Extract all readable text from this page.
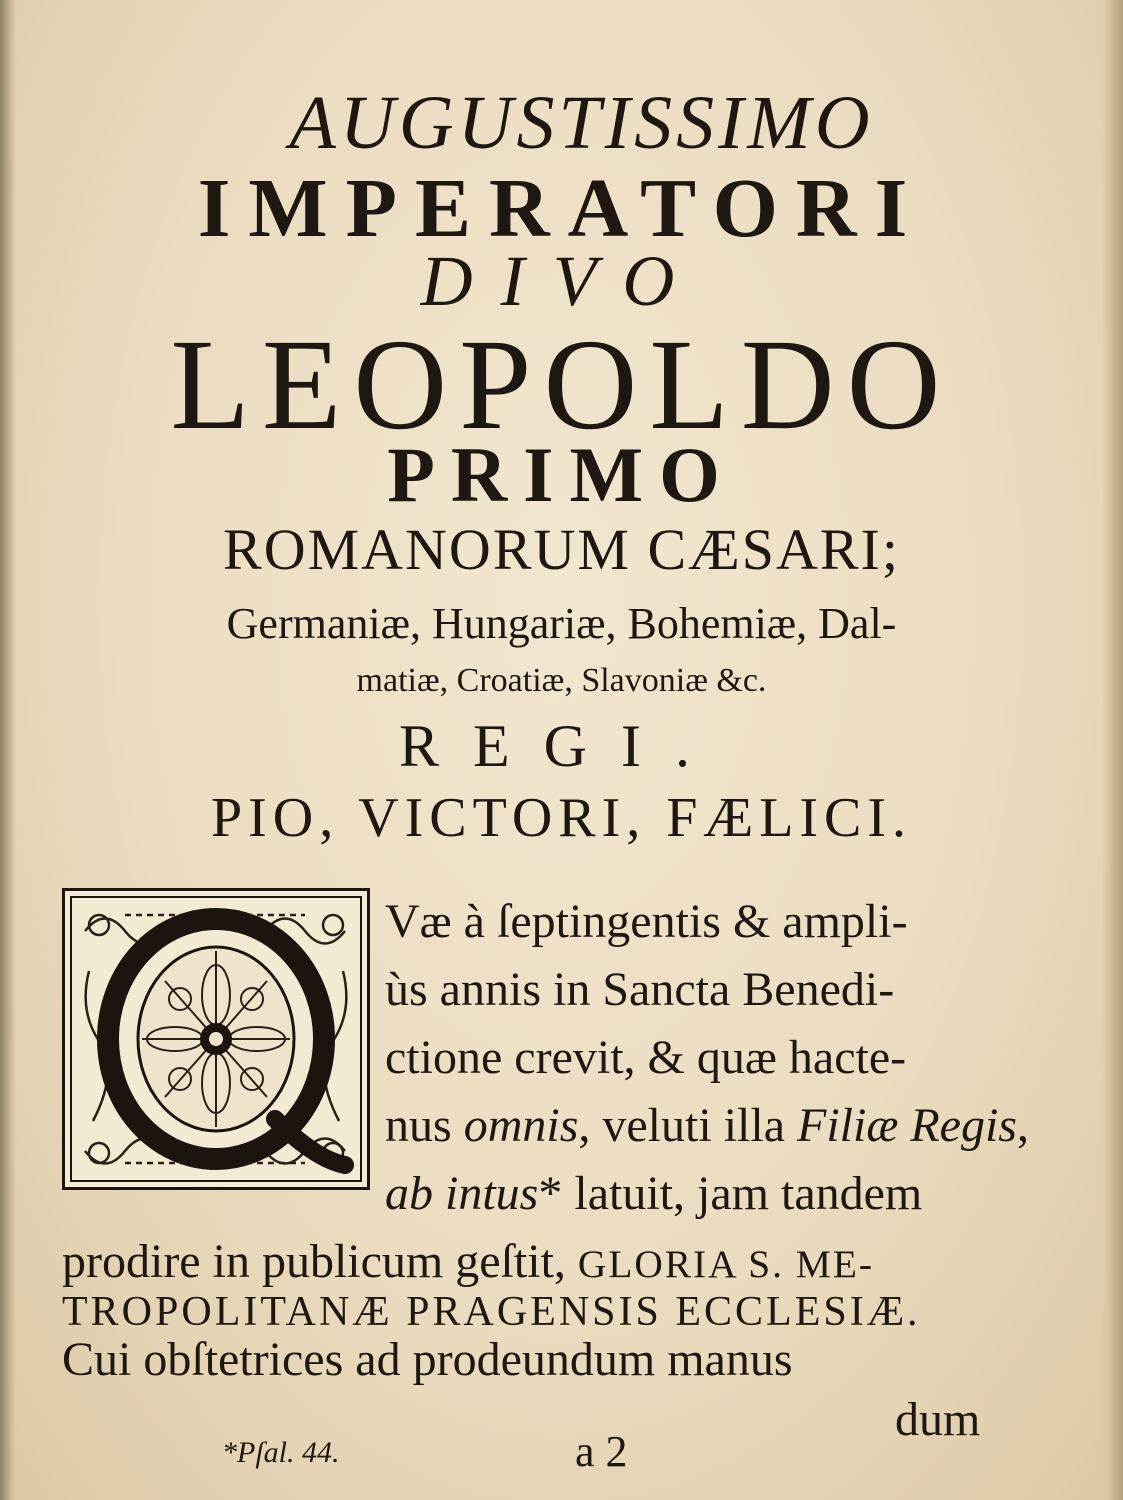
AUGUSTISSIMO

IMPERATORI

DIVO

LEOPOLDO

PRIMO

ROMANORUM CÆSARI;

Germaniæ, Hungariæ, Bohemiæ, Dal-

matiæ, Croatiæ, Slavoniæ &c.

REGI.

PIO, VICTORI, FÆLICI.

Q

Væ à ſeptingentis & ampli-

ùs annis in Sancta Benedi-

ctione crevit, & quæ hacte-

nus omnis, veluti illa Filiæ Regis,

ab intus* latuit, jam tandem

prodire in publicum geſtit, GLORIA S. ME-

TROPOLITANÆ PRAGENSIS ECCLESIÆ.

Cui obſtetrices ad prodeundum manus

dum

*Pſal. 44.	a 2
